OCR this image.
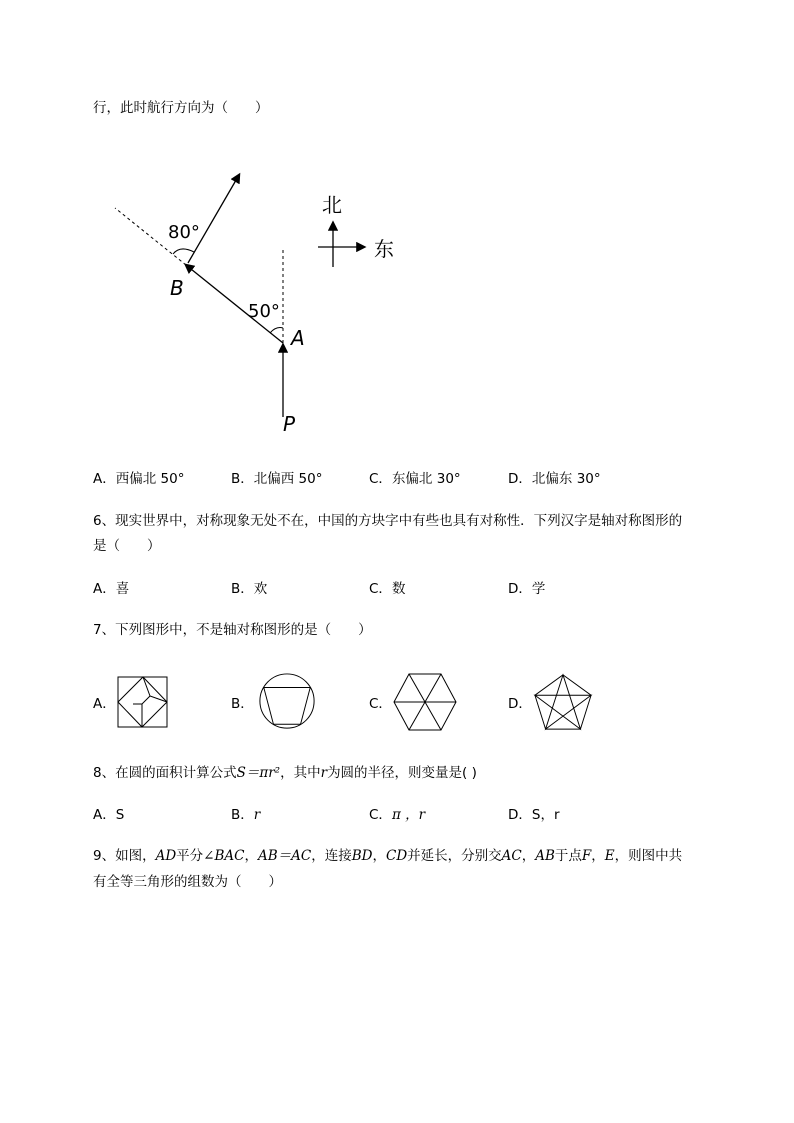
行，此时航行方向为（　　）
80°
50°
B
A
P
北
东
A．西偏北 50°	B．北偏西 50°	C．东偏北 30°	D．北偏东 30°
6、现实世界中，对称现象无处不在，中国的方块字中有些也具有对称性．下列汉字是轴对称图形的
是（　　）
A．喜	B．欢	C．数	D．学
7、下列图形中，不是轴对称图形的是（　　）
A．	B．	C．	D．
8、在圆的面积计算公式S＝πr²，其中r为圆的半径，则变量是( )
A．S	B．r	C．π ，r	D．S，r
9、如图，AD平分∠BAC，AB＝AC，连接BD，CD并延长，分别交AC，AB于点F，E，则图中共
有全等三角形的组数为（　　）
